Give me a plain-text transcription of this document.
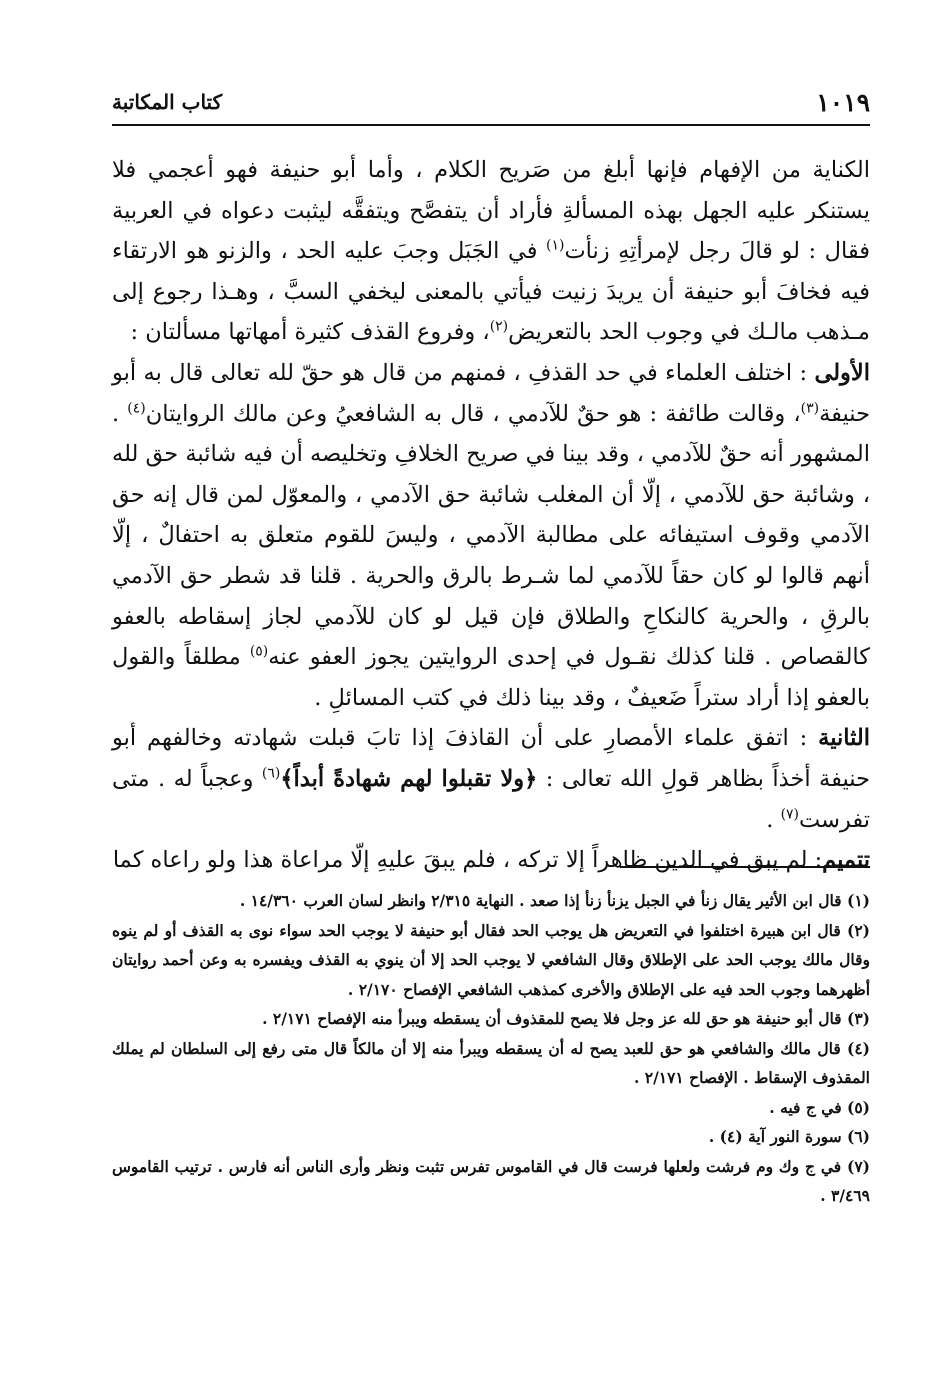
١٠١٩
كتاب المكاتبة

الكناية من الإفهام فإنها أبلغ من صَريح الكلام ، وأما أبو حنيفة فهو أعجمي فلا يستنكر عليه الجهل بهذه المسألةِ فأراد أن يتفصَّح ويتفقَّه ليثبت دعواه في العربية فقال : لو قالَ رجل لإمرأتِهِ زنأت$^{(١)}$ في الجَبَل وجبَ عليه الحد ، والزنو هو الارتقاء فيه فخافَ أبو حنيفة أن يريدَ زنيت فيأتي بالمعنى ليخفي السبَّ ، وهـذا رجوع إلى مـذهب مالـك في وجوب الحد بالتعريض$^{(٢)}$، وفروع القذف كثيرة أمهاتها مسألتان :

الأولى : اختلف العلماء في حد القذفِ ، فمنهم من قال هو حقّ لله تعالى قال به أبو حنيفة$^{(٣)}$، وقالت طائفة : هو حقٌ للآدمي ، قال به الشافعيُ وعن مالك الروايتان$^{(٤)}$ . المشهور أنه حقٌ للآدمي ، وقد بينا في صريح الخلافِ وتخليصه أن فيه شائبة حق لله ، وشائبة حق للآدمي ، إلّا أن المغلب شائبة حق الآدمي ، والمعوّل لمن قال إنه حق الآدمي وقوف استيفائه على مطالبة الآدمي ، وليسَ للقوم متعلق به احتفالٌ ، إلّا أنهم قالوا لو كان حقاً للآدمي لما شـرط بالرق والحرية . قلنا قد شطر حق الآدمي بالرقِ ، والحرية كالنكاحِ والطلاق فإن قيل لو كان للآدمي لجاز إسقاطه بالعفو كالقصاص . قلنا كذلك نقـول في إحدى الروايتين يجوز العفو عنه$^{(٥)}$ مطلقاً والقول بالعفو إذا أراد ستراً ضَعيفٌ ، وقد بينا ذلك في كتب المسائلِ .

الثانية : اتفق علماء الأمصارِ على أن القاذفَ إذا تابَ قبلت شهادته وخالفهم أبو حنيفة أخذاً بظاهر قولِ الله تعالى : ﴿ولا تقبلوا لهم شهادةً أبداً﴾$^{(٦)}$ وعجباً له . متى تفرست$^{(٧)}$ .

تتميم: لم يبق في الدين ظاهراً إلا تركه ، فلم يبقَ عليهِ إلّا مراعاة هذا ولو راعاه كما

(١) قال ابن الأثير يقال زنأ في الجبل يزنأ زنأ إذا صعد . النهاية ٢/٣١٥ وانظر لسان العرب ١٤/٣٦٠ .

(٢) قال ابن هبيرة اختلفوا في التعريض هل يوجب الحد فقال أبو حنيفة لا يوجب الحد سواء نوى به القذف أو لم ينوه وقال مالك يوجب الحد على الإطلاق وقال الشافعي لا يوجب الحد إلا أن ينوي به القذف ويفسره به وعن أحمد روايتان أظهرهما وجوب الحد فيه على الإطلاق والأخرى كمذهب الشافعي الإفصاح ٢/١٧٠ .

(٣) قال أبو حنيفة هو حق لله عز وجل فلا يصح للمقذوف أن يسقطه ويبرأ منه الإفصاح ٢/١٧١ .

(٤) قال مالك والشافعي هو حق للعبد يصح له أن يسقطه ويبرأ منه إلا أن مالكاً قال متى رفع إلى السلطان لم يملك المقذوف الإسقاط . الإفصاح ٢/١٧١ .

(٥) في ج فيه .

(٦) سورة النور آية (٤) .

(٧) في ج وك وم فرشت ولعلها فرست قال في القاموس تفرس تثبت ونظر وأرى الناس أنه فارس . ترتيب القاموس ٣/٤٦٩ .
